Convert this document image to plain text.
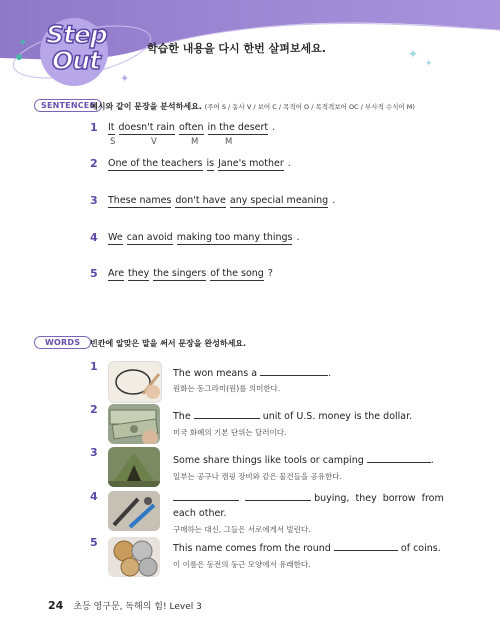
✦
✦
✦
Step
Out
✦	학습한 내용을 다시 한번 살펴보세요.
SENTENCES
예시와 같이 문장을 분석하세요. (주어 S / 동사 V / 보어 C / 목적어 O / 목적격보어 OC / 부사적 수식어 M)
1 It doesn't rain often in the desert .
S	V	M	M
2 One of the teachers is Jane's mother .
3 These names don't have any special meaning .
4 We can avoid making too many things .
5 Are they the singers of the song ?
WORDS	빈칸에 알맞은 말을 써서 문장을 완성하세요.
1
The won means a	.
원화는 동그라미(원)를 의미한다.
2
The	unit of U.S. money is the dollar.
미국 화폐의 기본 단위는 달러이다.
3
Some share things like tools or camping	.
일부는 공구나 캠핑 장비와 같은 물건들을 공유한다.
4	buying, they borrow from
each other.
구매하는 대신, 그들은 서로에게서 빌린다.
5	This name comes from the round	of coins.
이 이름은 동전의 둥근 모양에서 유래한다.
24 초등 영구문, 독해의 힘! Level 3
